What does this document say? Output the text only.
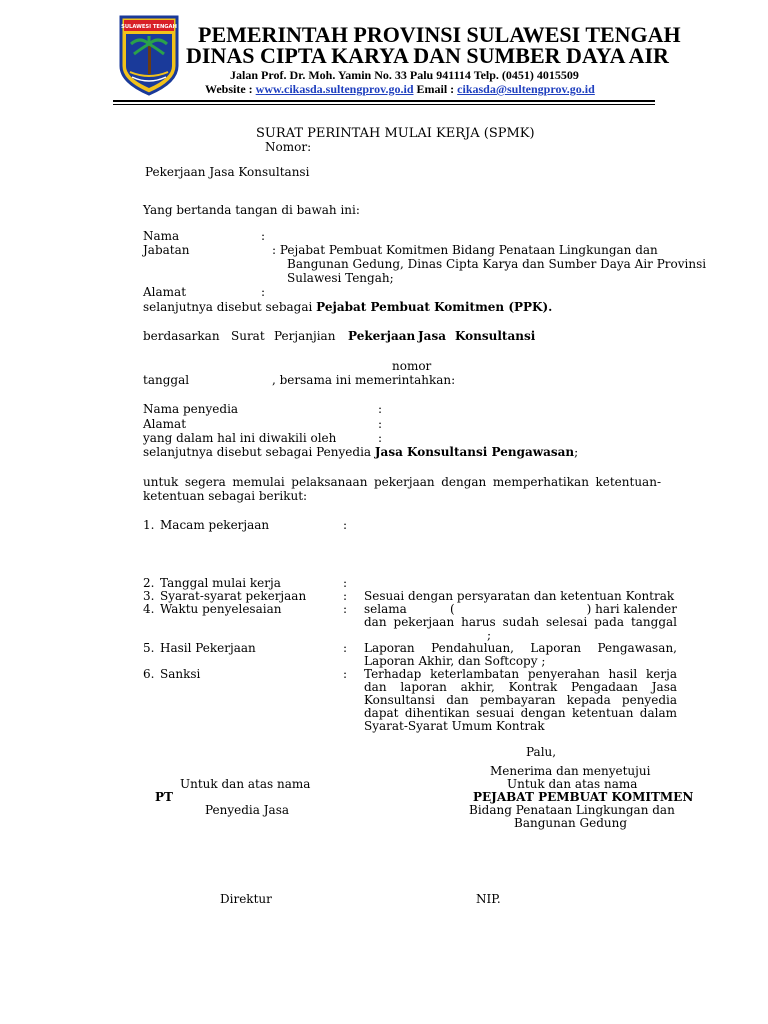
SULAWESI TENGAH PEMERINTAH PROVINSI SULAWESI TENGAH
DINAS CIPTA KARYA DAN SUMBER DAYA AIR
Jalan Prof. Dr. Moh. Yamin No. 33 Palu 941114 Telp. (0451) 4015509
Website : www.cikasda.sultengprov.go.id Email : cikasda@sultengprov.go.id
SURAT PERINTAH MULAI KERJA (SPMK)
Nomor:
Pekerjaan Jasa Konsultansi
Yang bertanda tangan di bawah ini:
Nama	:
Jabatan	: Pejabat Pembuat Komitmen Bidang Penataan Lingkungan dan
Bangunan Gedung, Dinas Cipta Karya dan Sumber Daya Air Provinsi
Sulawesi Tengah;
Alamat	:
selanjutnya disebut sebagai Pejabat Pembuat Komitmen (PPK).
berdasarkan Surat Perjanjian Pekerjaan Jasa Konsultansi
nomor
tanggal	, bersama ini memerintahkan:
Nama penyedia	:
Alamat	:
yang dalam hal ini diwakili oleh	:
selanjutnya disebut sebagai Penyedia Jasa Konsultansi Pengawasan;
untuk segera memulai pelaksanaan pekerjaan dengan memperhatikan ketentuan-
ketentuan sebagai berikut:
1. Macam pekerjaan	:
2. Tanggal mulai kerja	:
3. Syarat-syarat pekerjaan	: Sesuai dengan persyaratan dan ketentuan Kontrak
4. Waktu penyelesaian	: selama	(	) hari kalender
dan pekerjaan harus sudah selesai pada tanggal
;
5. Hasil Pekerjaan	: Laporan Pendahuluan, Laporan Pengawasan,
Laporan Akhir, dan Softcopy ;
6. Sanksi	: Terhadap keterlambatan penyerahan hasil kerja
dan laporan akhir, Kontrak Pengadaan Jasa
Konsultansi dan pembayaran kepada penyedia
dapat dihentikan sesuai dengan ketentuan dalam
Syarat-Syarat Umum Kontrak
Palu,
Menerima dan menyetujui
Untuk dan atas nama	Untuk dan atas nama
PT	PEJABAT PEMBUAT KOMITMEN
Penyedia Jasa	Bidang Penataan Lingkungan dan
Bangunan Gedung
Direktur	NIP.
